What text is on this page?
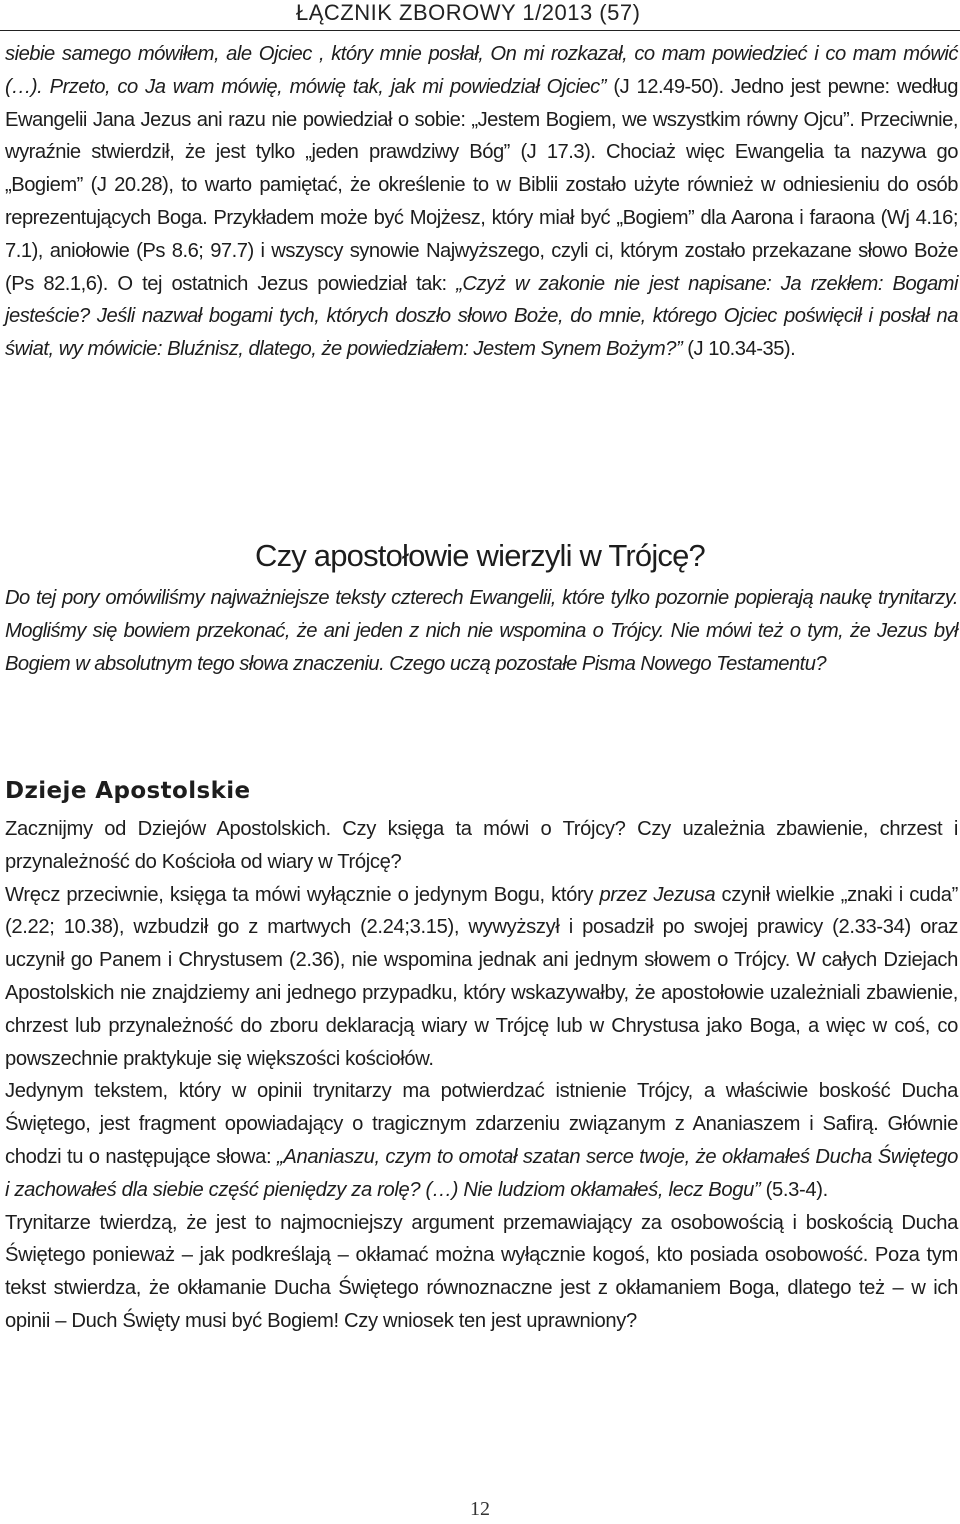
ŁĄCZNIK ZBOROWY 1/2013 (57)

siebie samego mówiłem, ale Ojciec , który mnie posłał, On mi rozkazał, co mam powiedzieć i co mam mówić (…). Przeto, co Ja wam mówię, mówię tak, jak mi powiedział Ojciec” (J 12.49-50). Jedno jest pewne: według Ewangelii Jana Jezus ani razu nie powiedział o sobie: „Jestem Bogiem, we wszystkim równy Ojcu”. Przeciwnie, wyraźnie stwierdził, że jest tylko „jeden prawdziwy Bóg” (J 17.3). Chociaż więc Ewangelia ta nazywa go „Bogiem” (J 20.28), to warto pamiętać, że określenie to w Biblii zostało użyte również w odniesieniu do osób reprezentujących Boga. Przykładem może być Mojżesz, który miał być „Bogiem” dla Aarona i faraona (Wj 4.16; 7.1), aniołowie (Ps 8.6; 97.7) i wszyscy synowie Najwyższego, czyli ci, którym zostało przekazane słowo Boże (Ps 82.1,6). O tej ostatnich Jezus powiedział tak: „Czyż w zakonie nie jest napisane: Ja rzekłem: Bogami jesteście? Jeśli nazwał bogami tych, których doszło słowo Boże, do mnie, którego Ojciec poświęcił i posłał na świat, wy mówicie: Bluźnisz, dlatego, że powiedziałem: Jestem Synem Bożym?” (J 10.34-35).

Czy apostołowie wierzyli w Trójcę?

Do tej pory omówiliśmy najważniejsze teksty czterech Ewangelii, które tylko pozornie popierają naukę trynitarzy. Mogliśmy się bowiem przekonać, że ani jeden z nich nie wspomina o Trójcy. Nie mówi też o tym, że Jezus był Bogiem w absolutnym tego słowa znaczeniu. Czego uczą pozostałe Pisma Nowego Testamentu?

Dzieje Apostolskie

Zacznijmy od Dziejów Apostolskich. Czy księga ta mówi o Trójcy? Czy uzależnia zbawienie, chrzest i przynależność do Kościoła od wiary w Trójcę?

Wręcz przeciwnie, księga ta mówi wyłącznie o jedynym Bogu, który przez Jezusa czynił wielkie „znaki i cuda” (2.22; 10.38), wzbudził go z martwych (2.24;3.15), wywyższył i posadził po swojej prawicy (2.33-34) oraz uczynił go Panem i Chrystusem (2.36), nie wspomina jednak ani jednym słowem o Trójcy. W całych Dziejach Apostolskich nie znajdziemy ani jednego przypadku, który wskazywałby, że apostołowie uzależniali zbawienie, chrzest lub przynależność do zboru deklaracją wiary w Trójcę lub w Chrystusa jako Boga, a więc w coś, co powszechnie praktykuje się większości kościołów.

Jedynym tekstem, który w opinii trynitarzy ma potwierdzać istnienie Trójcy, a właściwie boskość Ducha Świętego, jest fragment opowiadający o tragicznym zdarzeniu związanym z Ananiaszem i Safirą. Głównie chodzi tu o następujące słowa: „Ananiaszu, czym to omotał szatan serce twoje, że okłamałeś Ducha Świętego i zachowałeś dla siebie część pieniędzy za rolę? (…) Nie ludziom okłamałeś, lecz Bogu” (5.3-4).

Trynitarze twierdzą, że jest to najmocniejszy argument przemawiający za osobowością i boskością Ducha Świętego ponieważ – jak podkreślają – okłamać można wyłącznie kogoś, kto posiada osobowość. Poza tym tekst stwierdza, że okłamanie Ducha Świętego równoznaczne jest z okłamaniem Boga, dlatego też – w ich opinii – Duch Święty musi być Bogiem! Czy wniosek ten jest uprawniony?

12
